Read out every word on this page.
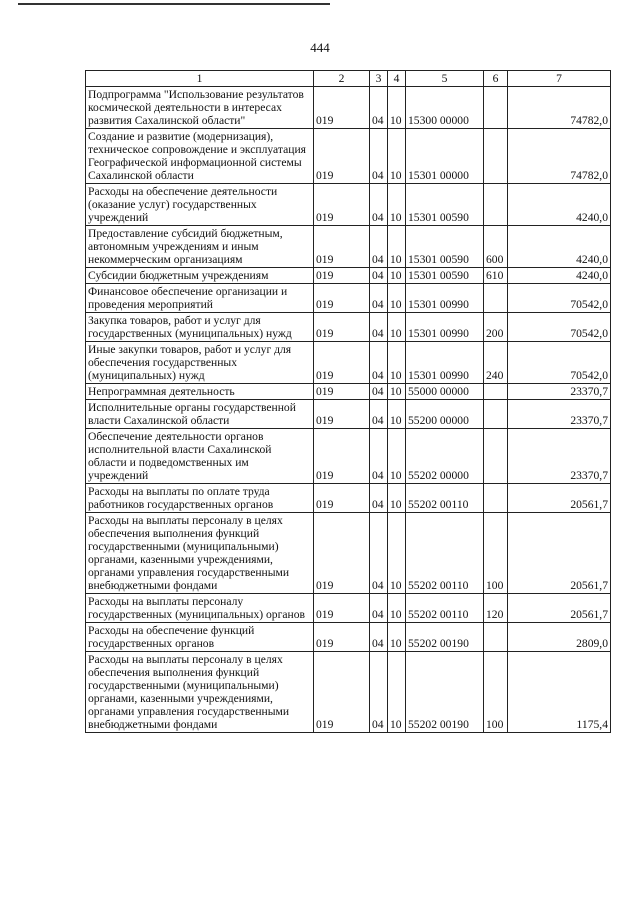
444
1	2	3	4	5	6	7
Подпрограмма "Использование результатов космической деятельности в интересах развития Сахалинской области"	019	04	10	15300 00000		74782,0
Создание и развитие (модернизация), техническое сопровождение и эксплуатация Географической информационной системы Сахалинской области	019	04	10	15301 00000		74782,0
Расходы на обеспечение деятельности (оказание услуг) государственных учреждений	019	04	10	15301 00590		4240,0
Предоставление субсидий бюджетным, автономным учреждениям и иным некоммерческим организациям	019	04	10	15301 00590	600	4240,0
Субсидии бюджетным учреждениям	019	04	10	15301 00590	610	4240,0
Финансовое обеспечение организации и проведения мероприятий	019	04	10	15301 00990		70542,0
Закупка товаров, работ и услуг для государственных (муниципальных) нужд	019	04	10	15301 00990	200	70542,0
Иные закупки товаров, работ и услуг для обеспечения государственных (муниципальных) нужд	019	04	10	15301 00990	240	70542,0
Непрограммная деятельность	019	04	10	55000 00000		23370,7
Исполнительные органы государственной власти Сахалинской области	019	04	10	55200 00000		23370,7
Обеспечение деятельности органов исполнительной власти Сахалинской области и подведомственных им учреждений	019	04	10	55202 00000		23370,7
Расходы на выплаты по оплате труда работников государственных органов	019	04	10	55202 00110		20561,7
Расходы на выплаты персоналу в целях обеспечения выполнения функций государственными (муниципальными) органами, казенными учреждениями, органами управления государственными внебюджетными фондами	019	04	10	55202 00110	100	20561,7
Расходы на выплаты персоналу государственных (муниципальных) органов	019	04	10	55202 00110	120	20561,7
Расходы на обеспечение функций государственных органов	019	04	10	55202 00190		2809,0
Расходы на выплаты персоналу в целях обеспечения выполнения функций государственными (муниципальными) органами, казенными учреждениями, органами управления государственными внебюджетными фондами	019	04	10	55202 00190	100	1175,4
